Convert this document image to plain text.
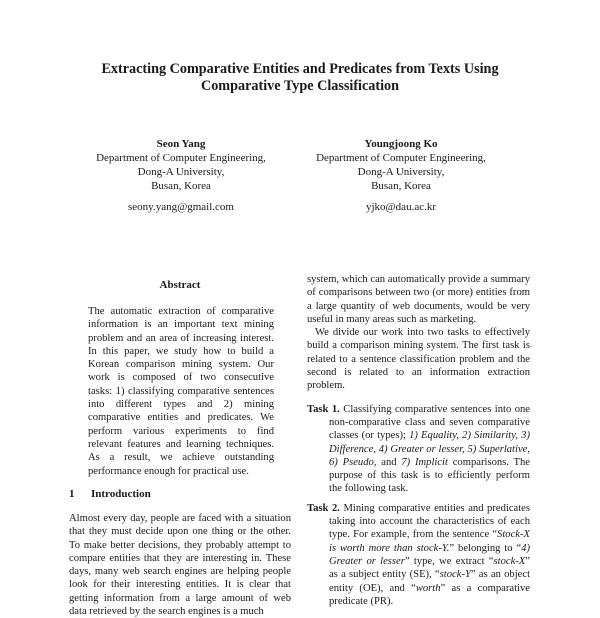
Extracting Comparative Entities and Predicates from Texts Using
Comparative Type Classification
Seon Yang
Department of Computer Engineering,
Dong-A University,
Busan, Korea
seony.yang@gmail.com
Youngjoong Ko
Department of Computer Engineering,
Dong-A University,
Busan, Korea
yjko@dau.ac.kr
Abstract
The automatic extraction of comparative information is an important text mining problem and an area of increasing interest. In this paper, we study how to build a Korean comparison mining system. Our work is composed of two consecutive tasks: 1) classifying comparative sentences into different types and 2) mining comparative entities and predicates. We perform various experiments to find relevant features and learning techniques. As a result, we achieve outstanding performance enough for practical use.
1 Introduction
Almost every day, people are faced with a situation that they must decide upon one thing or the other. To make better decisions, they probably attempt to compare entities that they are interesting in. These days, many web search engines are helping people look for their interesting entities. It is clear that getting information from a large amount of web data retrieved by the search engines is a much

system, which can automatically provide a summary of comparisons between two (or more) entities from a large quantity of web documents, would be very useful in many areas such as marketing.

We divide our work into two tasks to effectively build a comparison mining system. The first task is related to a sentence classification problem and the second is related to an information extraction problem.

Task 1. Classifying comparative sentences into one non-comparative class and seven comparative classes (or types); 1) Equality, 2) Similarity, 3) Difference, 4) Greater or lesser, 5) Superlative, 6) Pseudo, and 7) Implicit comparisons. The purpose of this task is to efficiently perform the following task.

Task 2. Mining comparative entities and predicates taking into account the characteristics of each type. For example, from the sentence “Stock-X is worth more than stock-Y.” belonging to “4) Greater or lesser” type, we extract “stock-X” as a subject entity (SE), “stock-Y” as an object entity (OE), and “worth” as a comparative predicate (PR).
